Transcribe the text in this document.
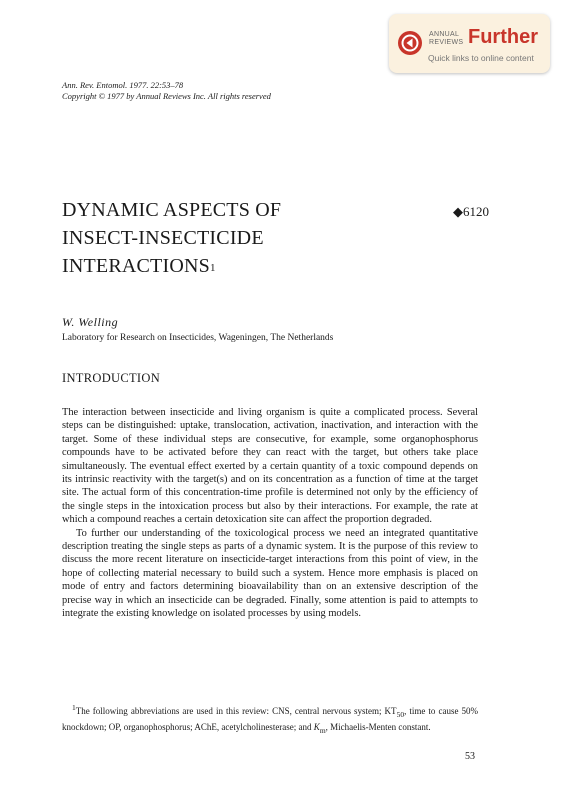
ANNUAL
REVIEWS Further
Quick links to online content
Ann. Rev. Entomol. 1977. 22:53–78
Copyright © 1977 by Annual Reviews Inc. All rights reserved
DYNAMIC ASPECTS OF
INSECT-INSECTICIDE
INTERACTIONS$^1$
◆6120
W. Welling
Laboratory for Research on Insecticides, Wageningen, The Netherlands
INTRODUCTION

The interaction between insecticide and living organism is quite a complicated process. Several steps can be distinguished: uptake, translocation, activation, inactivation, and interaction with the target. Some of these individual steps are consecutive, for example, some organophosphorus compounds have to be activated before they can react with the target, but others take place simultaneously. The eventual effect exerted by a certain quantity of a toxic compound depends on its intrinsic reactivity with the target(s) and on its concentration as a function of time at the target site. The actual form of this concentration-time profile is determined not only by the efficiency of the single steps in the intoxication process but also by their interactions. For example, the rate at which a compound reaches a certain detoxication site can affect the proportion degraded.

To further our understanding of the toxicological process we need an integrated quantitative description treating the single steps as parts of a dynamic system. It is the purpose of this review to discuss the more recent literature on insecticide-target interactions from this point of view, in the hope of collecting material necessary to build such a system. Hence more emphasis is placed on mode of entry and factors determining bioavailability than on an extensive description of the precise way in which an insecticide can be degraded. Finally, some attention is paid to attempts to integrate the existing knowledge on isolated processes by using models.

$^1$The following abbreviations are used in this review: CNS, central nervous system; $KT_{50}$, time to cause 50% knockdown; OP, organophosphorus; AChE, acetylcholinesterase; and $K_m$, Michaelis-Menten constant.
53
